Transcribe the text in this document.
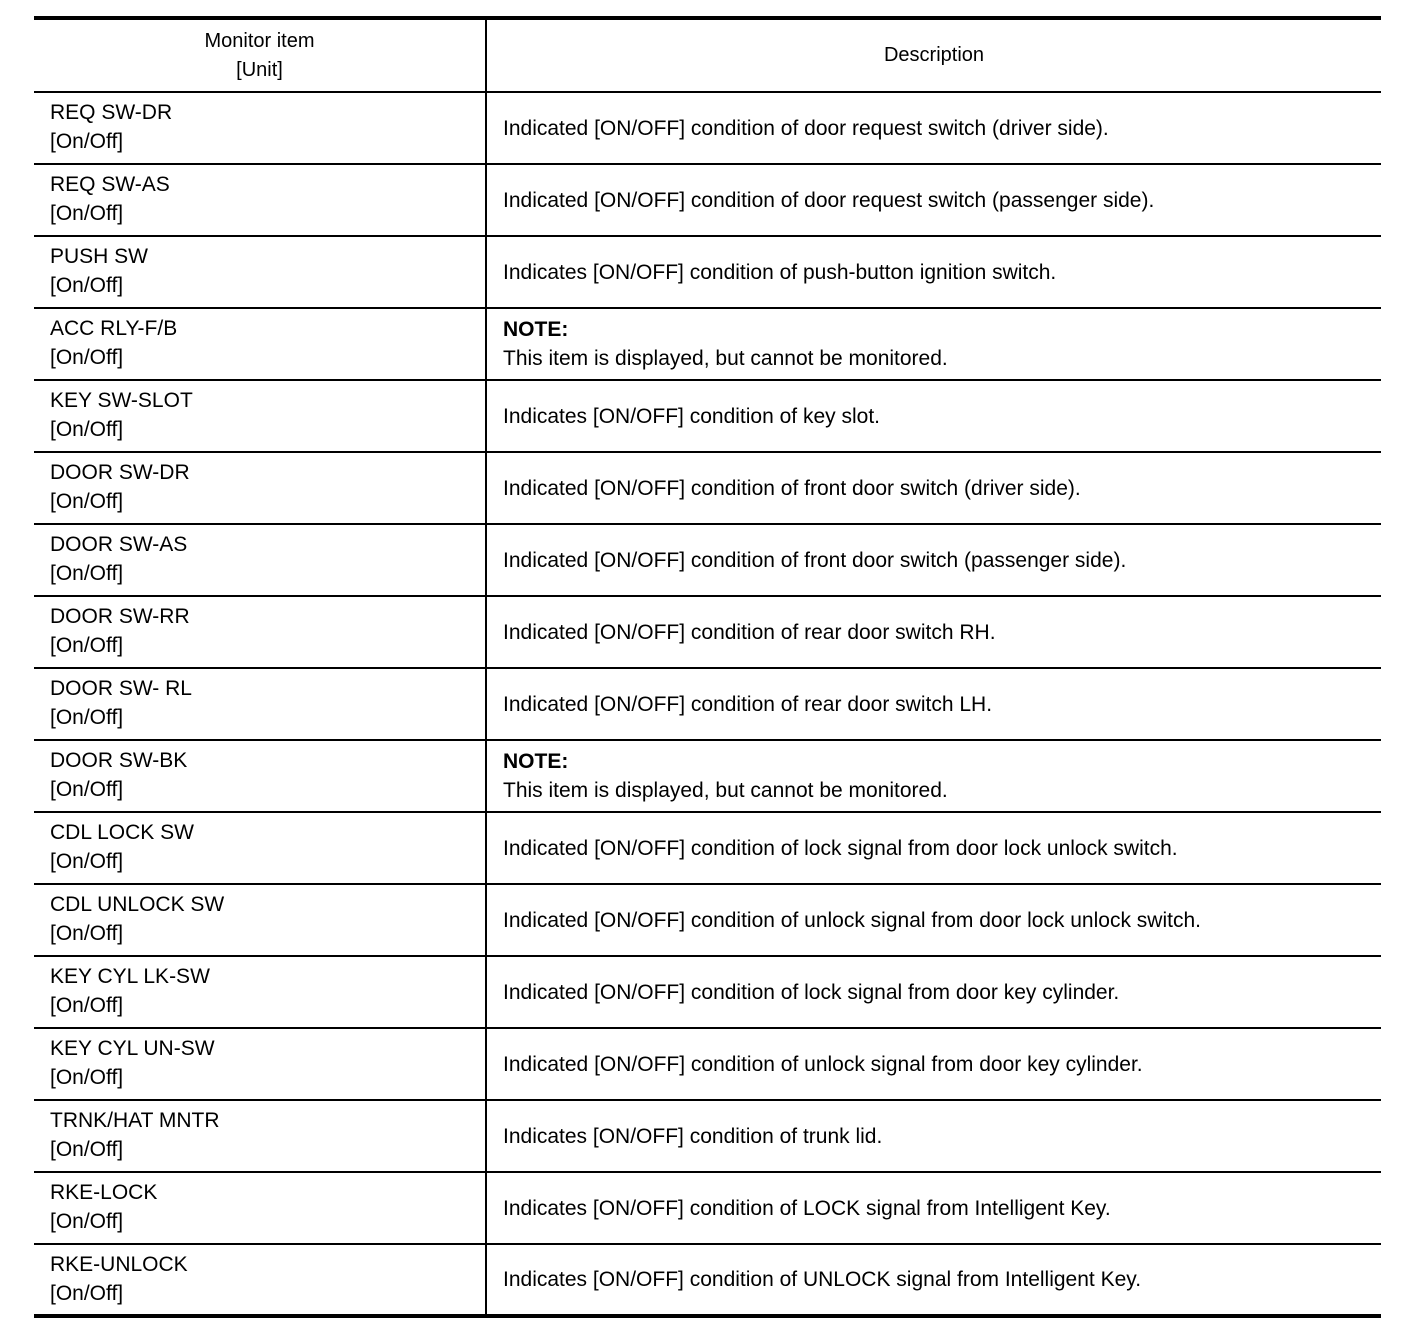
Monitor item
[Unit]	Description

REQ SW-DR
[On/Off]	Indicated [ON/OFF] condition of door request switch (driver side).

REQ SW-AS
[On/Off]	Indicated [ON/OFF] condition of door request switch (passenger side).

PUSH SW
[On/Off]	Indicates [ON/OFF] condition of push-button ignition switch.

ACC RLY-F/B
[On/Off]	NOTE:
This item is displayed, but cannot be monitored.

KEY SW-SLOT
[On/Off]	Indicates [ON/OFF] condition of key slot.

DOOR SW-DR
[On/Off]	Indicated [ON/OFF] condition of front door switch (driver side).

DOOR SW-AS
[On/Off]	Indicated [ON/OFF] condition of front door switch (passenger side).

DOOR SW-RR
[On/Off]	Indicated [ON/OFF] condition of rear door switch RH.

DOOR SW- RL
[On/Off]	Indicated [ON/OFF] condition of rear door switch LH.

DOOR SW-BK
[On/Off]	NOTE:
This item is displayed, but cannot be monitored.

CDL LOCK SW
[On/Off]	Indicated [ON/OFF] condition of lock signal from door lock unlock switch.

CDL UNLOCK SW
[On/Off]	Indicated [ON/OFF] condition of unlock signal from door lock unlock switch.

KEY CYL LK-SW
[On/Off]	Indicated [ON/OFF] condition of lock signal from door key cylinder.

KEY CYL UN-SW
[On/Off]	Indicated [ON/OFF] condition of unlock signal from door key cylinder.

TRNK/HAT MNTR
[On/Off]	Indicates [ON/OFF] condition of trunk lid.

RKE-LOCK
[On/Off]	Indicates [ON/OFF] condition of LOCK signal from Intelligent Key.

RKE-UNLOCK
[On/Off]	Indicates [ON/OFF] condition of UNLOCK signal from Intelligent Key.
